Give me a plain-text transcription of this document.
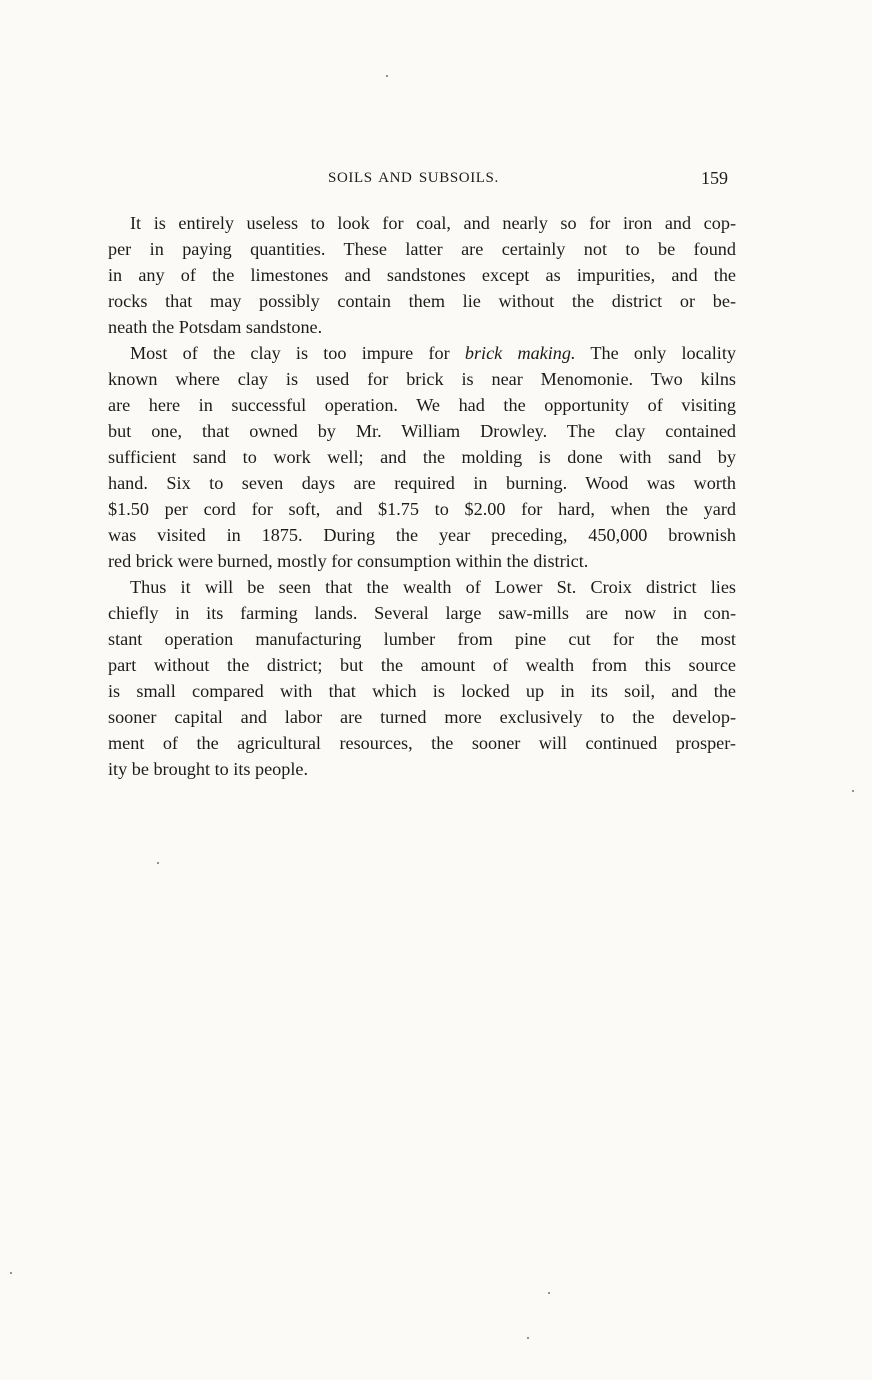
SOILS AND SUBSOILS.	159
It is entirely useless to look for coal, and nearly so for iron and cop-
per in paying quantities. These latter are certainly not to be found
in any of the limestones and sandstones except as impurities, and the
rocks that may possibly contain them lie without the district or be-
neath the Potsdam sandstone.
Most of the clay is too impure for brick making. The only locality
known where clay is used for brick is near Menomonie. Two kilns
are here in successful operation. We had the opportunity of visiting
but one, that owned by Mr. William Drowley. The clay contained
sufficient sand to work well; and the molding is done with sand by
hand. Six to seven days are required in burning. Wood was worth
$1.50 per cord for soft, and $1.75 to $2.00 for hard, when the yard
was visited in 1875. During the year preceding, 450,000 brownish
red brick were burned, mostly for consumption within the district.
Thus it will be seen that the wealth of Lower St. Croix district lies
chiefly in its farming lands. Several large saw-mills are now in con-
stant operation manufacturing lumber from pine cut for the most
part without the district; but the amount of wealth from this source
is small compared with that which is locked up in its soil, and the
sooner capital and labor are turned more exclusively to the develop-
ment of the agricultural resources, the sooner will continued prosper-
ity be brought to its people.
